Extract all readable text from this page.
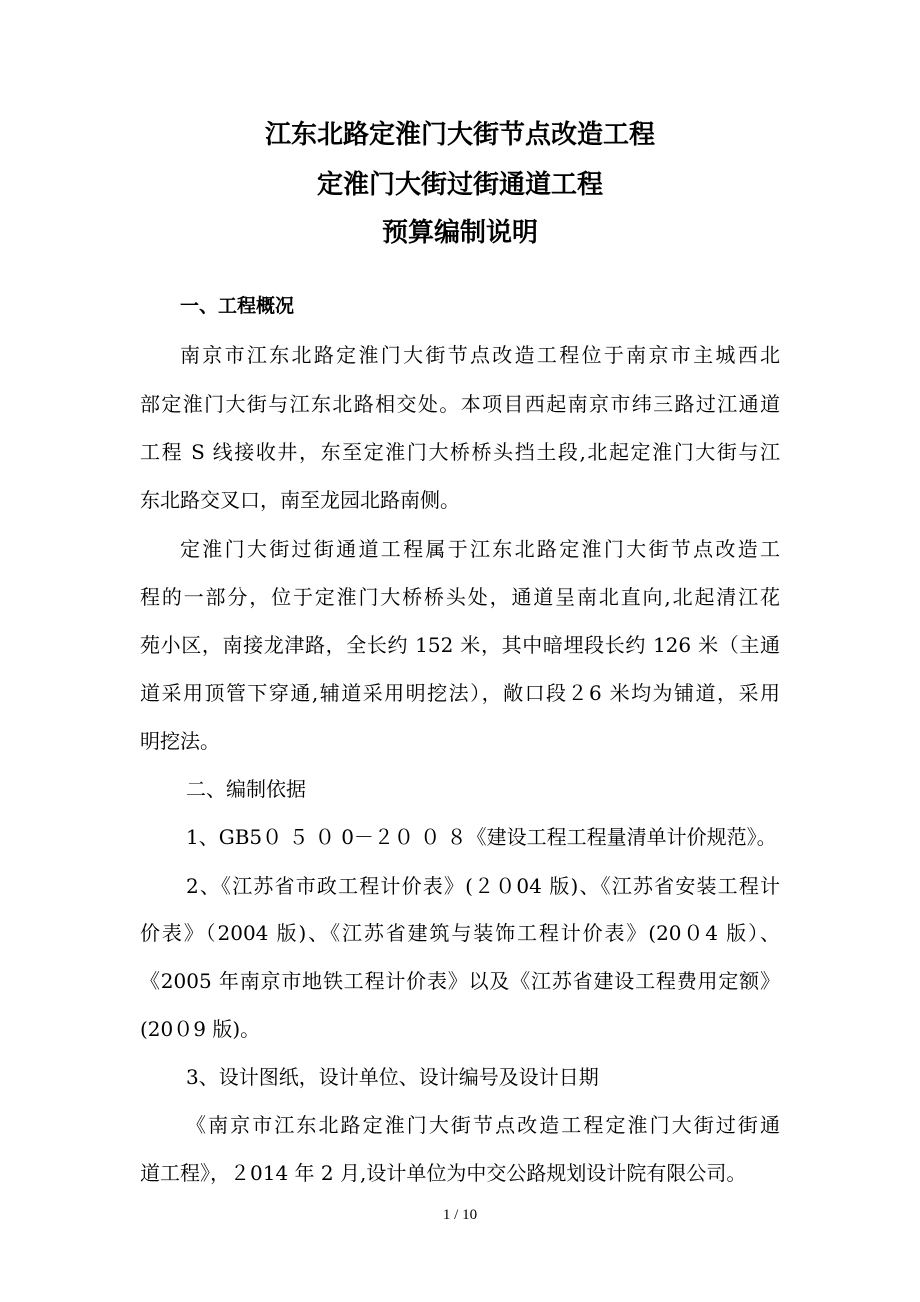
江东北路定淮门大街节点改造工程
定淮门大街过街通道工程
预算编制说明
一、工程概况
南京市江东北路定淮门大街节点改造工程位于南京市主城西北
部定淮门大街与江东北路相交处。本项目西起南京市纬三路过江通道
工程 S 线接收井，东至定淮门大桥桥头挡土段,北起定淮门大街与江
东北路交叉口，南至龙园北路南侧。
定淮门大街过街通道工程属于江东北路定淮门大街节点改造工
程的一部分，位于定淮门大桥桥头处，通道呈南北直向,北起清江花
苑小区，南接龙津路，全长约 152 米，其中暗埋段长约 126 米（主通
道采用顶管下穿通,辅道采用明挖法），敞口段２6 米均为铺道，采用
明挖法。
二、编制依据
1、GB5０ ５ ０ 0－２０ ０ ８《建设工程工程量清单计价规范》。
2、《江苏省市政工程计价表》(２０04 版)、《江苏省安装工程计
价表》（2004 版)、《江苏省建筑与装饰工程计价表》(20０4 版）、
《2005 年南京市地铁工程计价表》以及《江苏省建设工程费用定额》
(20０9 版)。
3、设计图纸，设计单位、设计编号及设计日期
《南京市江东北路定淮门大街节点改造工程定淮门大街过街通
道工程》，２014 年 2 月,设计单位为中交公路规划设计院有限公司。
1 / 10
